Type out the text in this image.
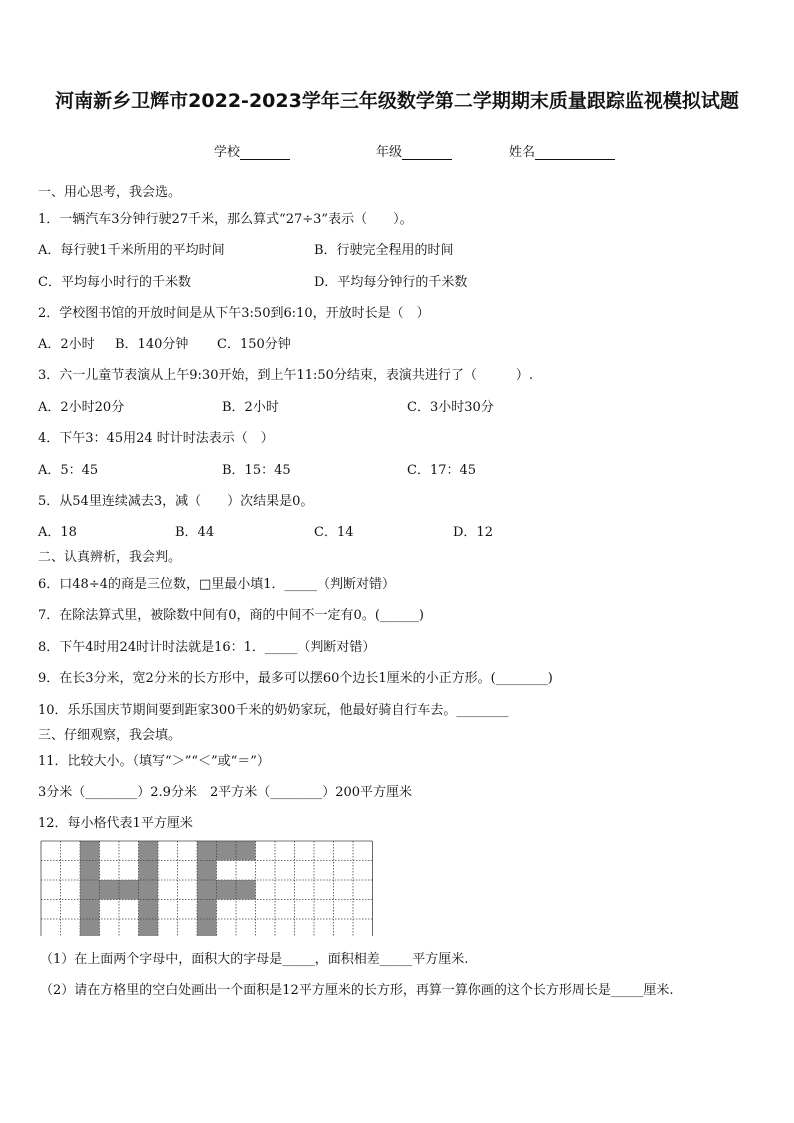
河南新乡卫辉市2022-2023学年三年级数学第二学期期末质量跟踪监视模拟试题
学校	年级	姓名
一、用心思考，我会选。
1．一辆汽车3分钟行驶27千米，那么算式“27÷3”表示（　　）。
A．每行驶1千米所用的平均时间	B．行驶完全程用的时间
C．平均每小时行的千米数	D．平均每分钟行的千米数
2．学校图书馆的开放时间是从下午3:50到6:10，开放时长是（　）
A．2小时 B．140分钟 C．150分钟
3．六一儿童节表演从上午9:30开始，到上午11:50分结束，表演共进行了（　　　）.
A．2小时20分	B．2小时	C．3小时30分
4．下午3：45用24 时计时法表示（　）
A．5：45	B．15：45	C．17：45
5．从54里连续减去3，减（　　）次结果是0。
A．18	B．44	C．14	D．12
二、认真辨析，我会判。
6．口48÷4的商是三位数，□里最小填1．_____（判断对错）
7．在除法算式里，被除数中间有0，商的中间不一定有0。(______)
8．下午4时用24时计时法就是16：1．_____（判断对错）
9．在长3分米，宽2分米的长方形中，最多可以摆60个边长1厘米的小正方形。(________)
10．乐乐国庆节期间要到距家300千米的奶奶家玩，他最好骑自行车去。________
三、仔细观察，我会填。
11．比较大小。（填写“＞”“＜”或“＝”）
3分米（________）2.9分米　2平方米（________）200平方厘米
12．每小格代表1平方厘米
（1）在上面两个字母中，面积大的字母是_____，面积相差_____平方厘米.
（2）请在方格里的空白处画出一个面积是12平方厘米的长方形，再算一算你画的这个长方形周长是_____厘米.
